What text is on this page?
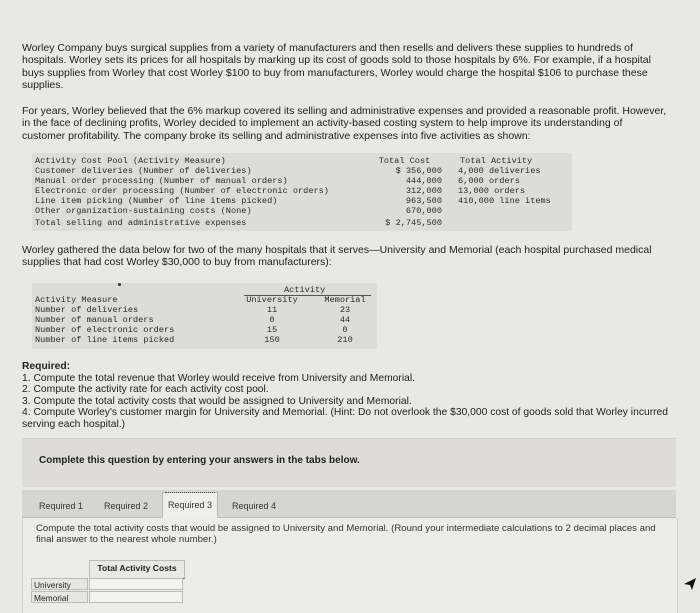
Worley Company buys surgical supplies from a variety of manufacturers and then resells and delivers these supplies to hundreds of hospitals. Worley sets its prices for all hospitals by marking up its cost of goods sold to those hospitals by 6%. For example, if a hospital buys supplies from Worley that cost Worley $100 to buy from manufacturers, Worley would charge the hospital $106 to purchase these supplies.
For years, Worley believed that the 6% markup covered its selling and administrative expenses and provided a reasonable profit. However, in the face of declining profits, Worley decided to implement an activity-based costing system to help improve its understanding of customer profitability. The company broke its selling and administrative expenses into five activities as shown:
Activity Cost Pool (Activity Measure)	Total Cost	Total Activity
Customer deliveries (Number of deliveries)	$ 356,000 4,000 deliveries
Manual order processing (Number of manual orders)	444,000 6,000 orders
Electronic order processing (Number of electronic orders)	312,000 13,000 orders
Line item picking (Number of line items picked)	963,500 410,000 line items
Other organization-sustaining costs (None)	670,000
Total selling and administrative expenses	$ 2,745,500
Worley gathered the data below for two of the many hospitals that it serves—University and Memorial (each hospital purchased medical supplies that had cost Worley $30,000 to buy from manufacturers):
Activity
Activity Measure	University	Memorial
Number of deliveries	11	23
Number of manual orders	0	44
Number of electronic orders	15	0
Number of line items picked	150	210
Required:
1. Compute the total revenue that Worley would receive from University and Memorial.
2. Compute the activity rate for each activity cost pool.
3. Compute the total activity costs that would be assigned to University and Memorial.
4. Compute Worley's customer margin for University and Memorial. (Hint: Do not overlook the $30,000 cost of goods sold that Worley incurred serving each hospital.)
Complete this question by entering your answers in the tabs below.
Required 1	Required 2	Required 3	Required 4
Compute the total activity costs that would be assigned to University and Memorial. (Round your intermediate calculations to 2 decimal places and final answer to the nearest whole number.)
Total Activity Costs
University
Memorial
